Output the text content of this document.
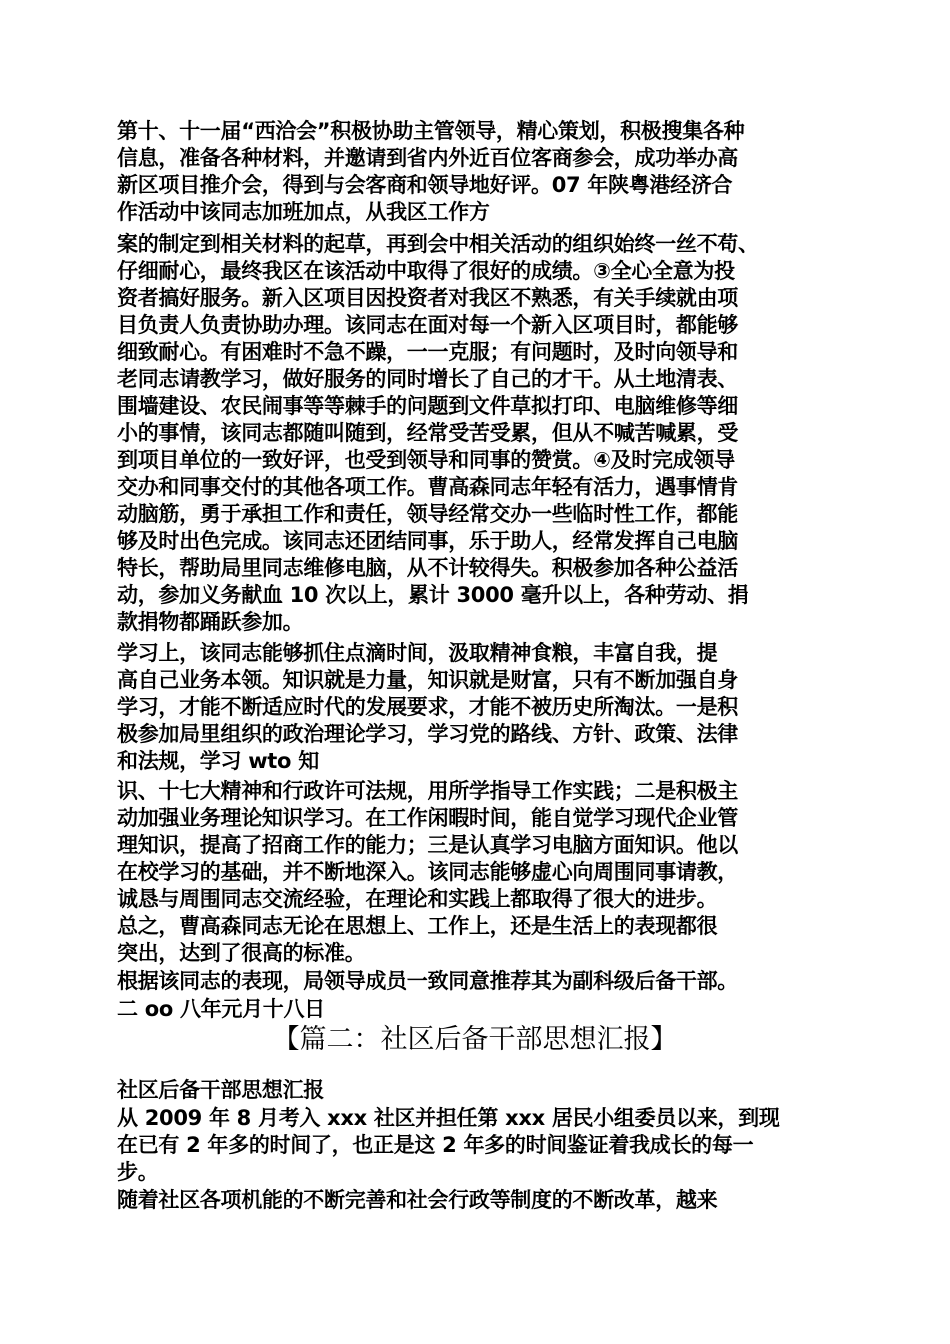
第十、十一届“西洽会”积极协助主管领导，精心策划，积极搜集各种
信息，准备各种材料，并邀请到省内外近百位客商参会，成功举办高
新区项目推介会，得到与会客商和领导地好评。07 年陕粤港经济合
作活动中该同志加班加点，从我区工作方
案的制定到相关材料的起草，再到会中相关活动的组织始终一丝不苟、
仔细耐心，最终我区在该活动中取得了很好的成绩。③全心全意为投
资者搞好服务。新入区项目因投资者对我区不熟悉，有关手续就由项
目负责人负责协助办理。该同志在面对每一个新入区项目时，都能够
细致耐心。有困难时不急不躁，一一克服；有问题时，及时向领导和
老同志请教学习，做好服务的同时增长了自己的才干。从土地清表、
围墙建设、农民闹事等等棘手的问题到文件草拟打印、电脑维修等细
小的事情，该同志都随叫随到，经常受苦受累，但从不喊苦喊累，受
到项目单位的一致好评，也受到领导和同事的赞赏。④及时完成领导
交办和同事交付的其他各项工作。曹高森同志年轻有活力，遇事情肯
动脑筋，勇于承担工作和责任，领导经常交办一些临时性工作，都能
够及时出色完成。该同志还团结同事，乐于助人，经常发挥自己电脑
特长，帮助局里同志维修电脑，从不计较得失。积极参加各种公益活
动，参加义务献血 10 次以上，累计 3000 毫升以上，各种劳动、捐
款捐物都踊跃参加。
学习上，该同志能够抓住点滴时间，汲取精神食粮，丰富自我，提
高自己业务本领。知识就是力量，知识就是财富，只有不断加强自身
学习，才能不断适应时代的发展要求，才能不被历史所淘汰。一是积
极参加局里组织的政治理论学习，学习党的路线、方针、政策、法律
和法规，学习 wto 知
识、十七大精神和行政许可法规，用所学指导工作实践；二是积极主
动加强业务理论知识学习。在工作闲暇时间，能自觉学习现代企业管
理知识，提高了招商工作的能力；三是认真学习电脑方面知识。他以
在校学习的基础，并不断地深入。该同志能够虚心向周围同事请教，
诚恳与周围同志交流经验，在理论和实践上都取得了很大的进步。
总之，曹高森同志无论在思想上、工作上，还是生活上的表现都很
突出，达到了很高的标准。
根据该同志的表现，局领导成员一致同意推荐其为副科级后备干部。
二 oo 八年元月十八日
【篇二：社区后备干部思想汇报】
社区后备干部思想汇报
从 2009 年 8 月考入 xxx 社区并担任第 xxx 居民小组委员以来，到现
在已有 2 年多的时间了，也正是这 2 年多的时间鉴证着我成长的每一
步。
随着社区各项机能的不断完善和社会行政等制度的不断改革，越来
